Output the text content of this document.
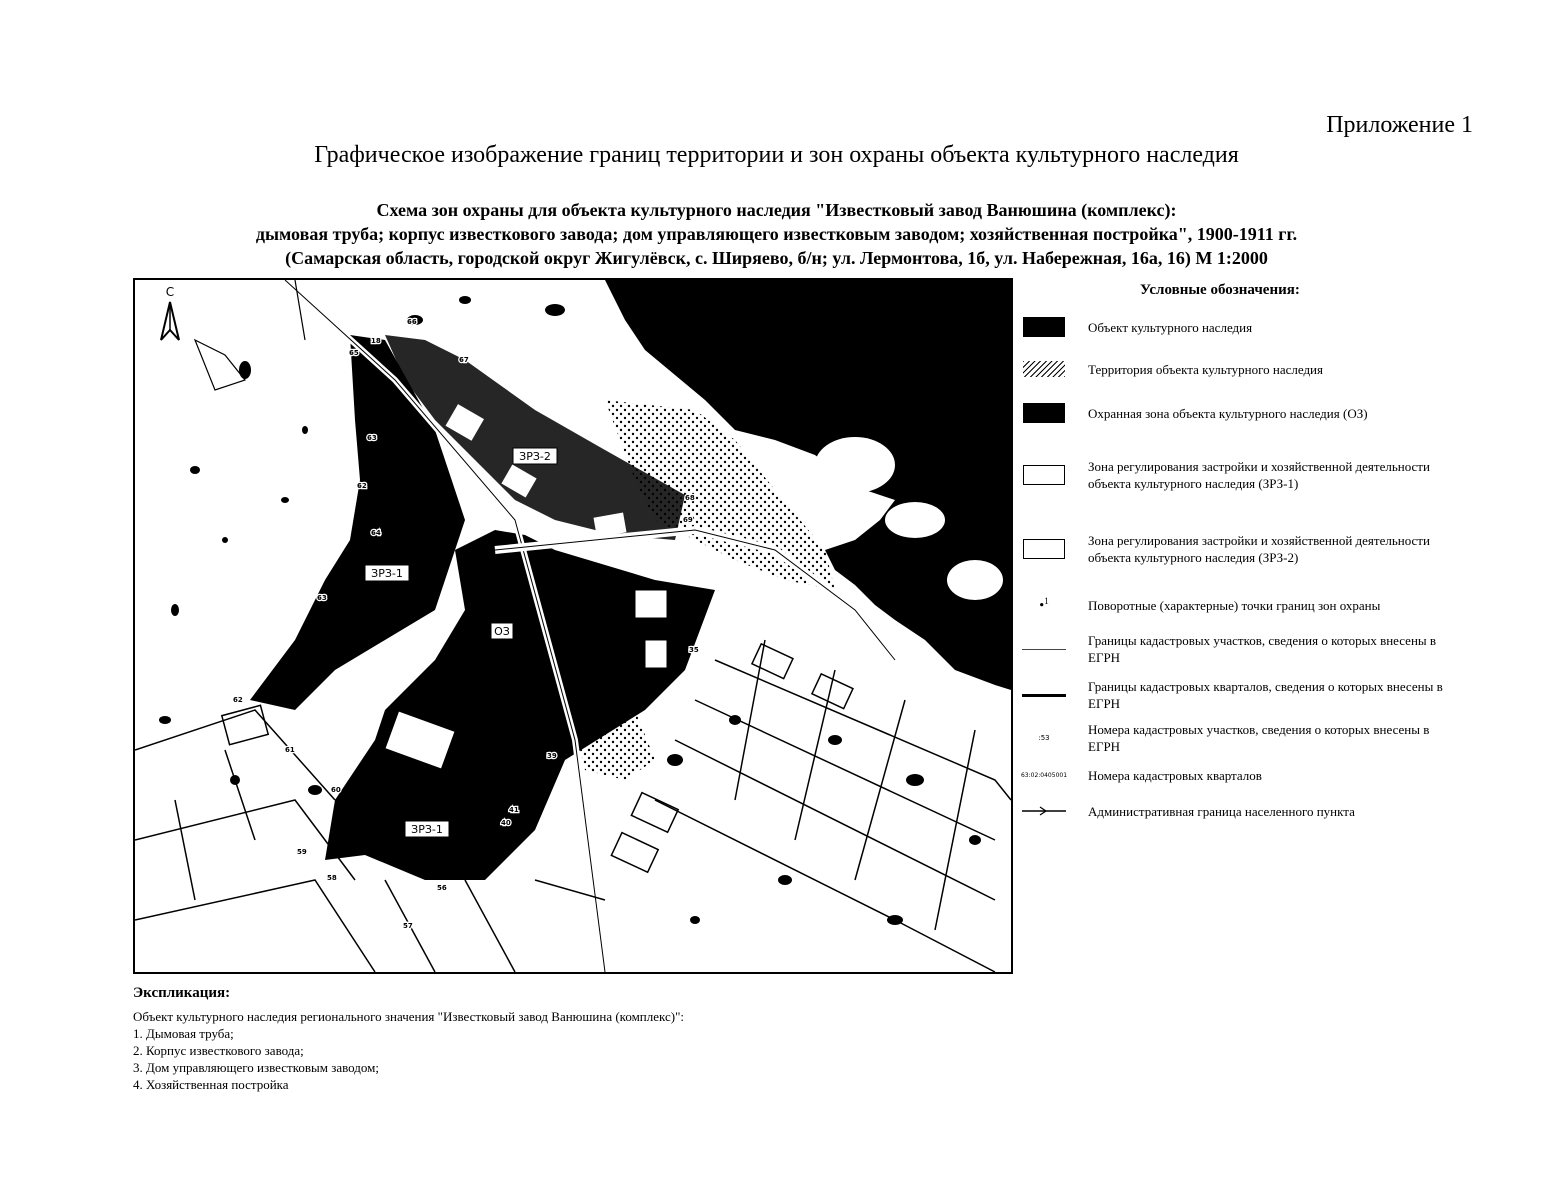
Приложение 1
Графическое изображение границ территории и зон охраны объекта культурного наследия
Схема зон охраны для объекта культурного наследия "Известковый завод Ванюшина (комплекс):
дымовая труба; корпус известкового завода; дом управляющего известковым заводом; хозяйственная постройка", 1900-1911 гг.
(Самарская область, городской округ Жигулёвск, с. Ширяево, б/н; ул. Лермонтова, 1б, ул. Набережная, 16а, 16) М 1:2000
С
ЗРЗ-2
ЗРЗ-1
ОЗ
ЗРЗ-1
66
18
65
67
63
62
68
64
63
62
61
60
59
58
57
56
41
40
39
35
69
Условные обозначения:
Объект культурного наследия
Территория объекта культурного наследия
Охранная зона объекта культурного наследия (ОЗ)
Зона регулирования застройки и хозяйственной деятельности объекта культурного наследия (ЗРЗ-1)
Зона регулирования застройки и хозяйственной деятельности объекта культурного наследия (ЗРЗ-2)
•$^1$	Поворотные (характерные) точки границ зон охраны
Границы кадастровых участков, сведения о которых внесены в ЕГРН
Границы кадастровых кварталов, сведения о которых внесены в ЕГРН
:53
Номера кадастровых участков, сведения о которых внесены в ЕГРН
63:02:0405001 Номера кадастровых кварталов
Административная граница населенного пункта
Экспликация:
Объект культурного наследия регионального значения "Известковый завод Ванюшина (комплекс)":
1. Дымовая труба;
2. Корпус известкового завода;
3. Дом управляющего известковым заводом;
4. Хозяйственная постройка
